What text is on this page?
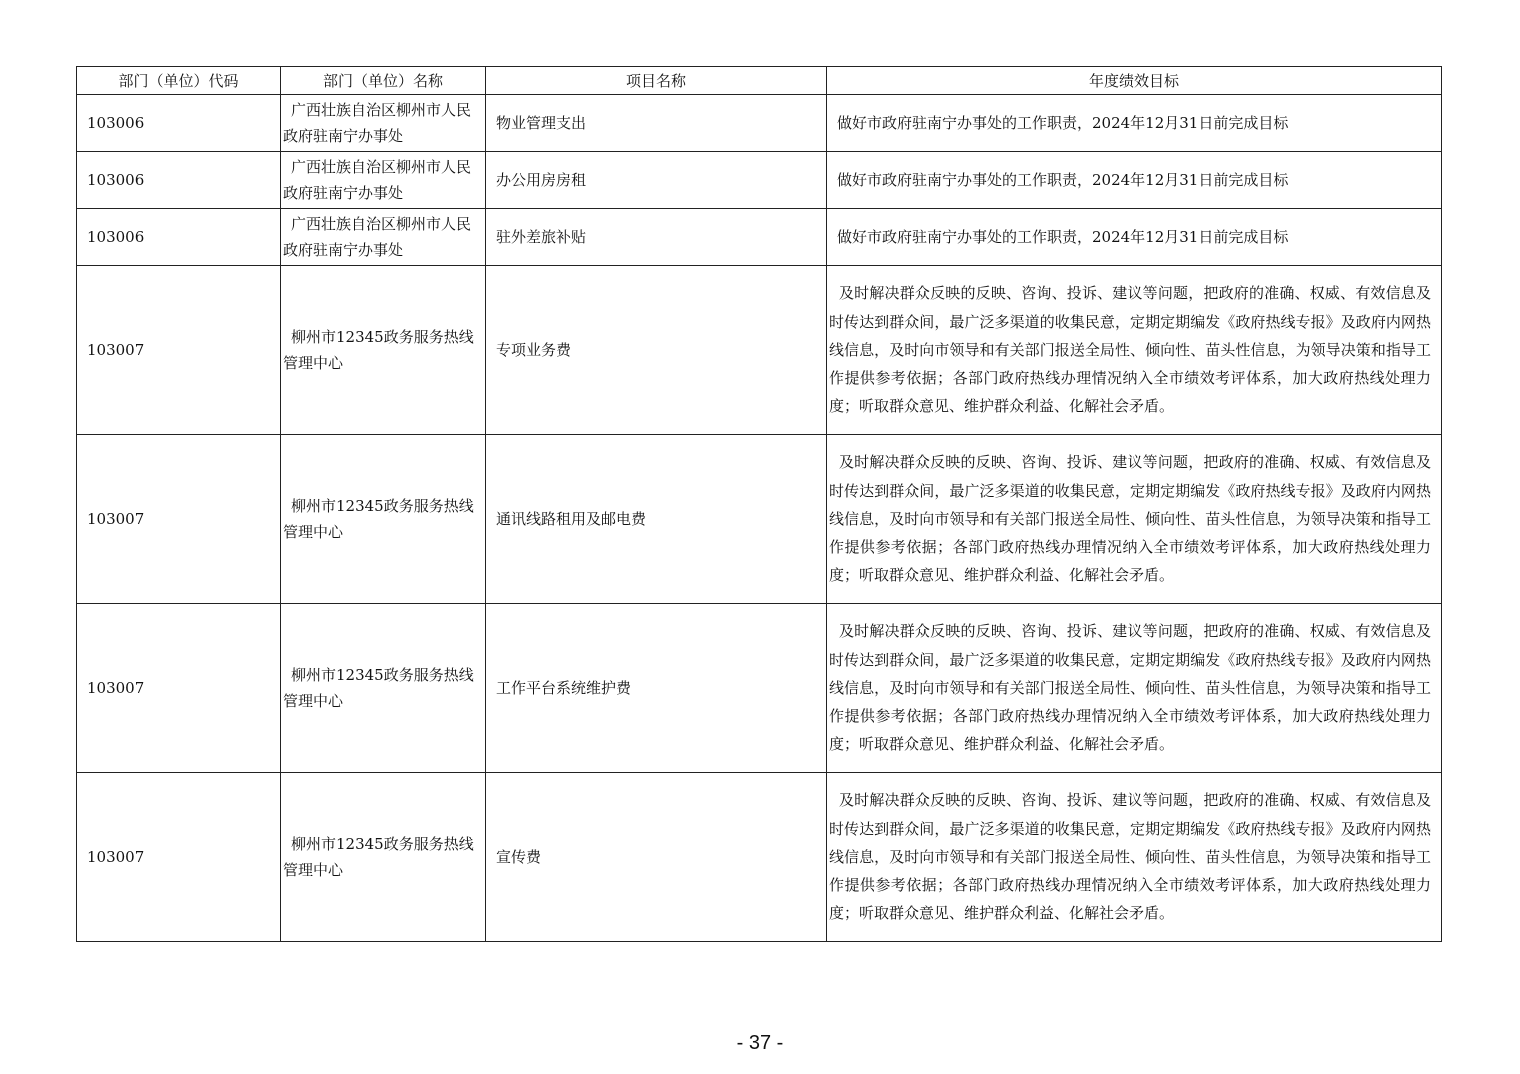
部门（单位）代码	部门（单位）名称	项目名称	年度绩效目标
103006	广西壮族自治区柳州市人民政府驻南宁办事处	物业管理支出	做好市政府驻南宁办事处的工作职责，2024年12月31日前完成目标
103006	广西壮族自治区柳州市人民政府驻南宁办事处	办公用房房租	做好市政府驻南宁办事处的工作职责，2024年12月31日前完成目标
103006	广西壮族自治区柳州市人民政府驻南宁办事处	驻外差旅补贴	做好市政府驻南宁办事处的工作职责，2024年12月31日前完成目标
103007	柳州市12345政务服务热线管理中心	专项业务费	及时解决群众反映的反映、咨询、投诉、建议等问题，把政府的准确、权威、有效信息及时传达到群众间，最广泛多渠道的收集民意，定期定期编发《政府热线专报》及政府内网热线信息，及时向市领导和有关部门报送全局性、倾向性、苗头性信息，为领导决策和指导工作提供参考依据；各部门政府热线办理情况纳入全市绩效考评体系，加大政府热线处理力度；听取群众意见、维护群众利益、化解社会矛盾。

103007	柳州市12345政务服务热线管理中心	通讯线路租用及邮电费	及时解决群众反映的反映、咨询、投诉、建议等问题，把政府的准确、权威、有效信息及时传达到群众间，最广泛多渠道的收集民意，定期定期编发《政府热线专报》及政府内网热线信息，及时向市领导和有关部门报送全局性、倾向性、苗头性信息，为领导决策和指导工作提供参考依据；各部门政府热线办理情况纳入全市绩效考评体系，加大政府热线处理力度；听取群众意见、维护群众利益、化解社会矛盾。

103007	柳州市12345政务服务热线管理中心	工作平台系统维护费	及时解决群众反映的反映、咨询、投诉、建议等问题，把政府的准确、权威、有效信息及时传达到群众间，最广泛多渠道的收集民意，定期定期编发《政府热线专报》及政府内网热线信息，及时向市领导和有关部门报送全局性、倾向性、苗头性信息，为领导决策和指导工作提供参考依据；各部门政府热线办理情况纳入全市绩效考评体系，加大政府热线处理力度；听取群众意见、维护群众利益、化解社会矛盾。

103007	柳州市12345政务服务热线管理中心	宣传费	及时解决群众反映的反映、咨询、投诉、建议等问题，把政府的准确、权威、有效信息及时传达到群众间，最广泛多渠道的收集民意，定期定期编发《政府热线专报》及政府内网热线信息，及时向市领导和有关部门报送全局性、倾向性、苗头性信息，为领导决策和指导工作提供参考依据；各部门政府热线办理情况纳入全市绩效考评体系，加大政府热线处理力度；听取群众意见、维护群众利益、化解社会矛盾。
- 37 -
